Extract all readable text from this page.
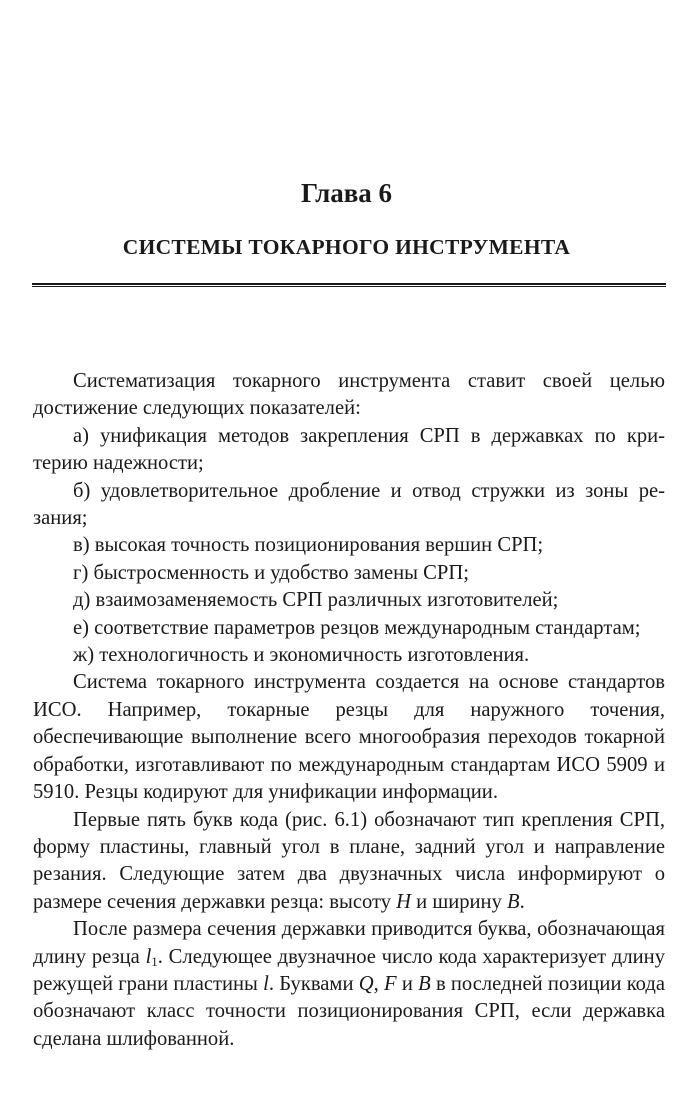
Глава 6
СИСТЕМЫ ТОКАРНОГО ИНСТРУМЕНТА

Систематизация токарного инструмента ставит своей целью достижение следующих показателей:

а) унификация методов закрепления СРП в державках по критерию надежности;

б) удовлетворительное дробление и отвод стружки из зоны резания;

в) высокая точность позиционирования вершин СРП;

г) быстросменность и удобство замены СРП;

д) взаимозаменяемость СРП различных изготовителей;

е) соответствие параметров резцов международным стандартам;

ж) технологичность и экономичность изготовления.

Система токарного инструмента создается на основе стандартов ИСО. Например, токарные резцы для наружного точения, обеспечивающие выполнение всего многообразия переходов токарной обработки, изготавливают по международным стандартам ИСО 5909 и 5910. Резцы кодируют для унификации информации.

Первые пять букв кода (рис. 6.1) обозначают тип крепления СРП, форму пластины, главный угол в плане, задний угол и направление резания. Следующие затем два двузначных числа информируют о размере сечения державки резца: высоту H и ширину B.

После размера сечения державки приводится буква, обозначающая длину резца $l_1$. Следующее двузначное число кода характеризует длину режущей грани пластины l. Буквами Q, F и B в последней позиции кода обозначают класс точности позиционирования СРП, если державка сделана шлифованной.
